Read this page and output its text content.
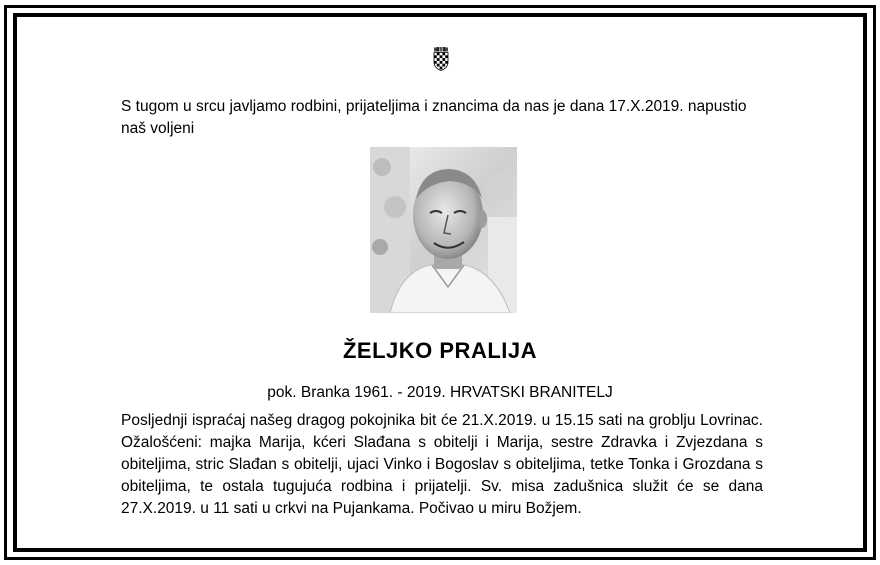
S tugom u srcu javljamo rodbini, prijateljima i znancima da nas je dana 17.X.2019. napustio naš voljeni

ŽELJKO PRALIJA

pok. Branka 1961. - 2019. HRVATSKI BRANITELJ

Posljednji ispraćaj našeg dragog pokojnika bit će 21.X.2019. u 15.15 sati na groblju Lovrinac. Ožalošćeni: majka Marija, kćeri Slađana s obitelji i Marija, sestre Zdravka i Zvjezdana s obiteljima, stric Slađan s obitelji, ujaci Vinko i Bogoslav s obiteljima, tetke Tonka i Grozdana s obiteljima, te ostala tugujuća rodbina i prijatelji. Sv. misa zadušnica služit će se dana 27.X.2019. u 11 sati u crkvi na Pujankama. Počivao u miru Božjem.
